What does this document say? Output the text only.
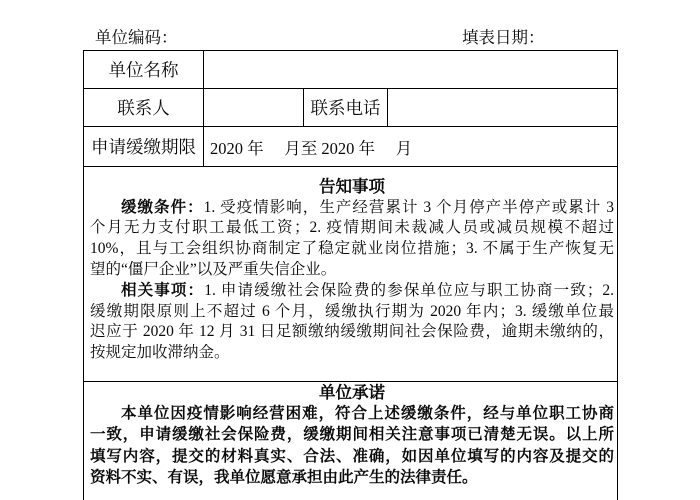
单位编码：	填表日期：
单位名称
联系人	联系电话
申请缓缴期限 2020 年     月至 2020 年     月
告知事项
缓缴条件：1. 受疫情影响，生产经营累计 3 个月停产半停产或累计 3
个月无力支付职工最低工资；2. 疫情期间未裁减人员或减员规模不超过
10%，且与工会组织协商制定了稳定就业岗位措施；3. 不属于生产恢复无
望的“僵尸企业”以及严重失信企业。
相关事项：1. 申请缓缴社会保险费的参保单位应与职工协商一致；2.
缓缴期限原则上不超过 6 个月，缓缴执行期为 2020 年内；3. 缓缴单位最
迟应于 2020 年 12 月 31 日足额缴纳缓缴期间社会保险费，逾期未缴纳的，
按规定加收滞纳金。
单位承诺
本单位因疫情影响经营困难，符合上述缓缴条件，经与单位职工协商
一致，申请缓缴社会保险费，缓缴期间相关注意事项已清楚无误。以上所
填写内容，提交的材料真实、合法、准确，如因单位填写的内容及提交的
资料不实、有误，我单位愿意承担由此产生的法律责任。
